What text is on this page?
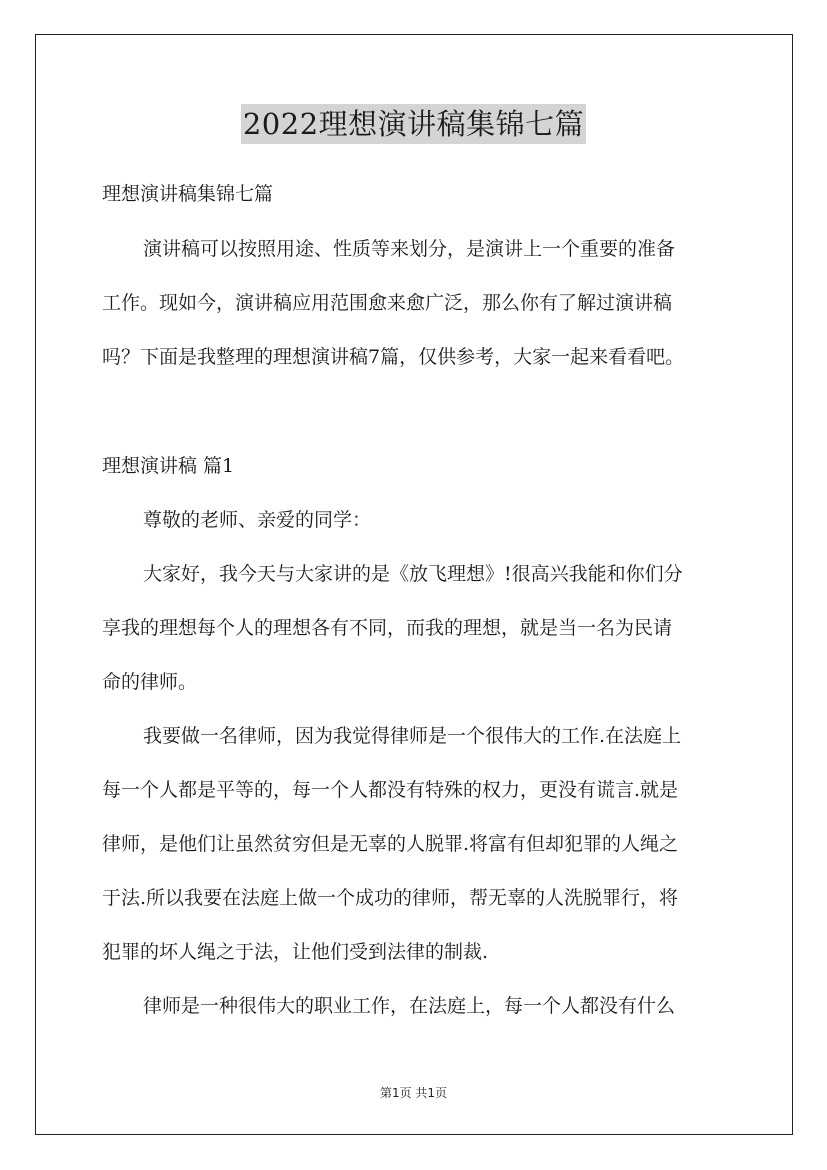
2022理想演讲稿集锦七篇

理想演讲稿集锦七篇

演讲稿可以按照用途、性质等来划分，是演讲上一个重要的准备

工作。现如今，演讲稿应用范围愈来愈广泛，那么你有了解过演讲稿

吗？下面是我整理的理想演讲稿7篇，仅供参考，大家一起来看看吧。

理想演讲稿 篇1

尊敬的老师、亲爱的同学：

大家好，我今天与大家讲的是《放飞理想》!很高兴我能和你们分

享我的理想每个人的理想各有不同，而我的理想，就是当一名为民请

命的律师。

我要做一名律师，因为我觉得律师是一个很伟大的工作.在法庭上

每一个人都是平等的，每一个人都没有特殊的权力，更没有谎言.就是

律师，是他们让虽然贫穷但是无辜的人脱罪.将富有但却犯罪的人绳之

于法.所以我要在法庭上做一个成功的律师，帮无辜的人洗脱罪行，将

犯罪的坏人绳之于法，让他们受到法律的制裁.

律师是一种很伟大的职业工作，在法庭上，每一个人都没有什么

第1页 共1页
